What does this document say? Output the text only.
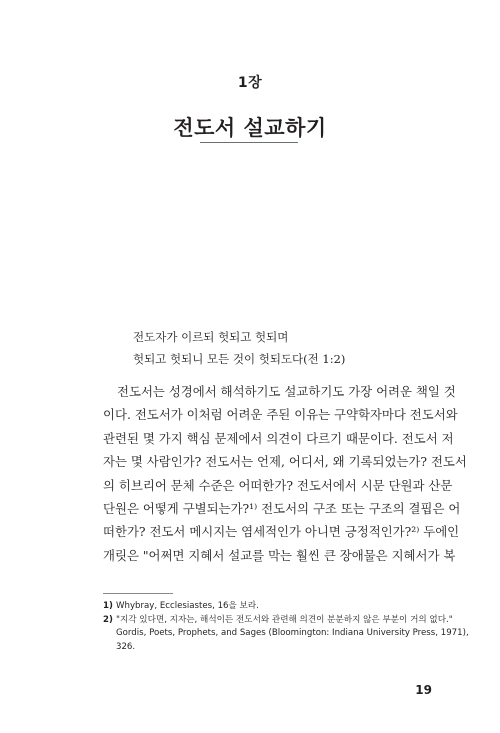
1장
전도서 설교하기
전도자가 이르되 헛되고 헛되며
헛되고 헛되니 모든 것이 헛되도다(전 1:2)
전도서는 성경에서 해석하기도 설교하기도 가장 어려운 책일 것
이다. 전도서가 이처럼 어려운 주된 이유는 구약학자마다 전도서와
관련된 몇 가지 핵심 문제에서 의견이 다르기 때문이다. 전도서 저
자는 몇 사람인가? 전도서는 언제, 어디서, 왜 기록되었는가? 전도서
의 히브리어 문체 수준은 어떠한가? 전도서에서 시문 단원과 산문
단원은 어떻게 구별되는가?¹⁾ 전도서의 구조 또는 구조의 결핍은 어
떠한가? 전도서 메시지는 염세적인가 아니면 긍정적인가?²⁾ 두에인
개릿은 "어쩌면 지혜서 설교를 막는 훨씬 큰 장애물은 지혜서가 복
1) Whybray, Ecclesiastes, 16을 보라.
2) "지각 있다면, 지자는, 해석이든 전도서와 관련해 의견이 분분하지 않은 부분이 거의 없다."
Gordis, Poets, Prophets, and Sages (Bloomington: Indiana University Press, 1971),
326.
19
